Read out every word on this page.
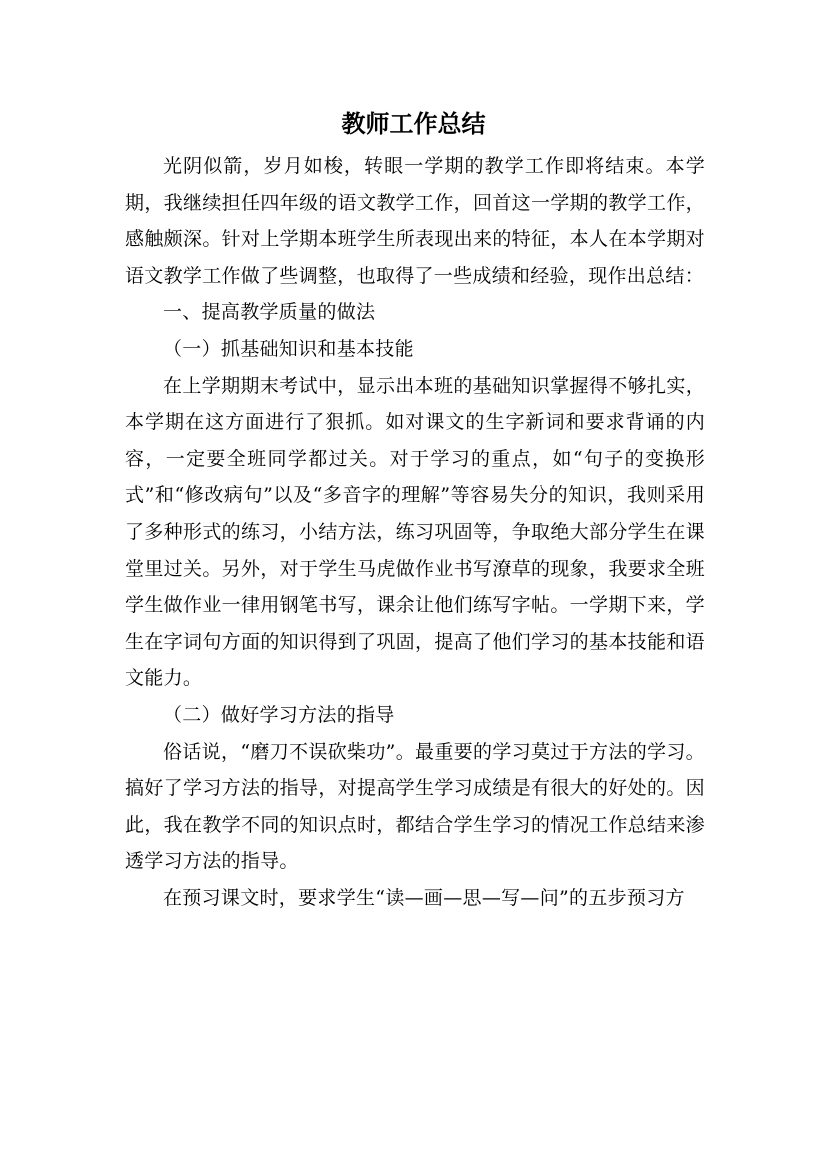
教师工作总结

光阴似箭，岁月如梭，转眼一学期的教学工作即将结束。本学期，我继续担任四年级的语文教学工作，回首这一学期的教学工作，感触颇深。针对上学期本班学生所表现出来的特征，本人在本学期对语文教学工作做了些调整，也取得了一些成绩和经验，现作出总结：

一、提高教学质量的做法

（一）抓基础知识和基本技能

在上学期期末考试中，显示出本班的基础知识掌握得不够扎实，本学期在这方面进行了狠抓。如对课文的生字新词和要求背诵的内容，一定要全班同学都过关。对于学习的重点，如“句子的变换形式”和“修改病句”以及“多音字的理解”等容易失分的知识，我则采用了多种形式的练习，小结方法，练习巩固等，争取绝大部分学生在课堂里过关。另外，对于学生马虎做作业书写潦草的现象，我要求全班学生做作业一律用钢笔书写，课余让他们练写字帖。一学期下来，学生在字词句方面的知识得到了巩固，提高了他们学习的基本技能和语文能力。

（二）做好学习方法的指导

俗话说，“磨刀不误砍柴功”。最重要的学习莫过于方法的学习。搞好了学习方法的指导，对提高学生学习成绩是有很大的好处的。因此，我在教学不同的知识点时，都结合学生学习的情况工作总结来渗透学习方法的指导。

在预习课文时，要求学生“读—画—思—写—问”的五步预习方
